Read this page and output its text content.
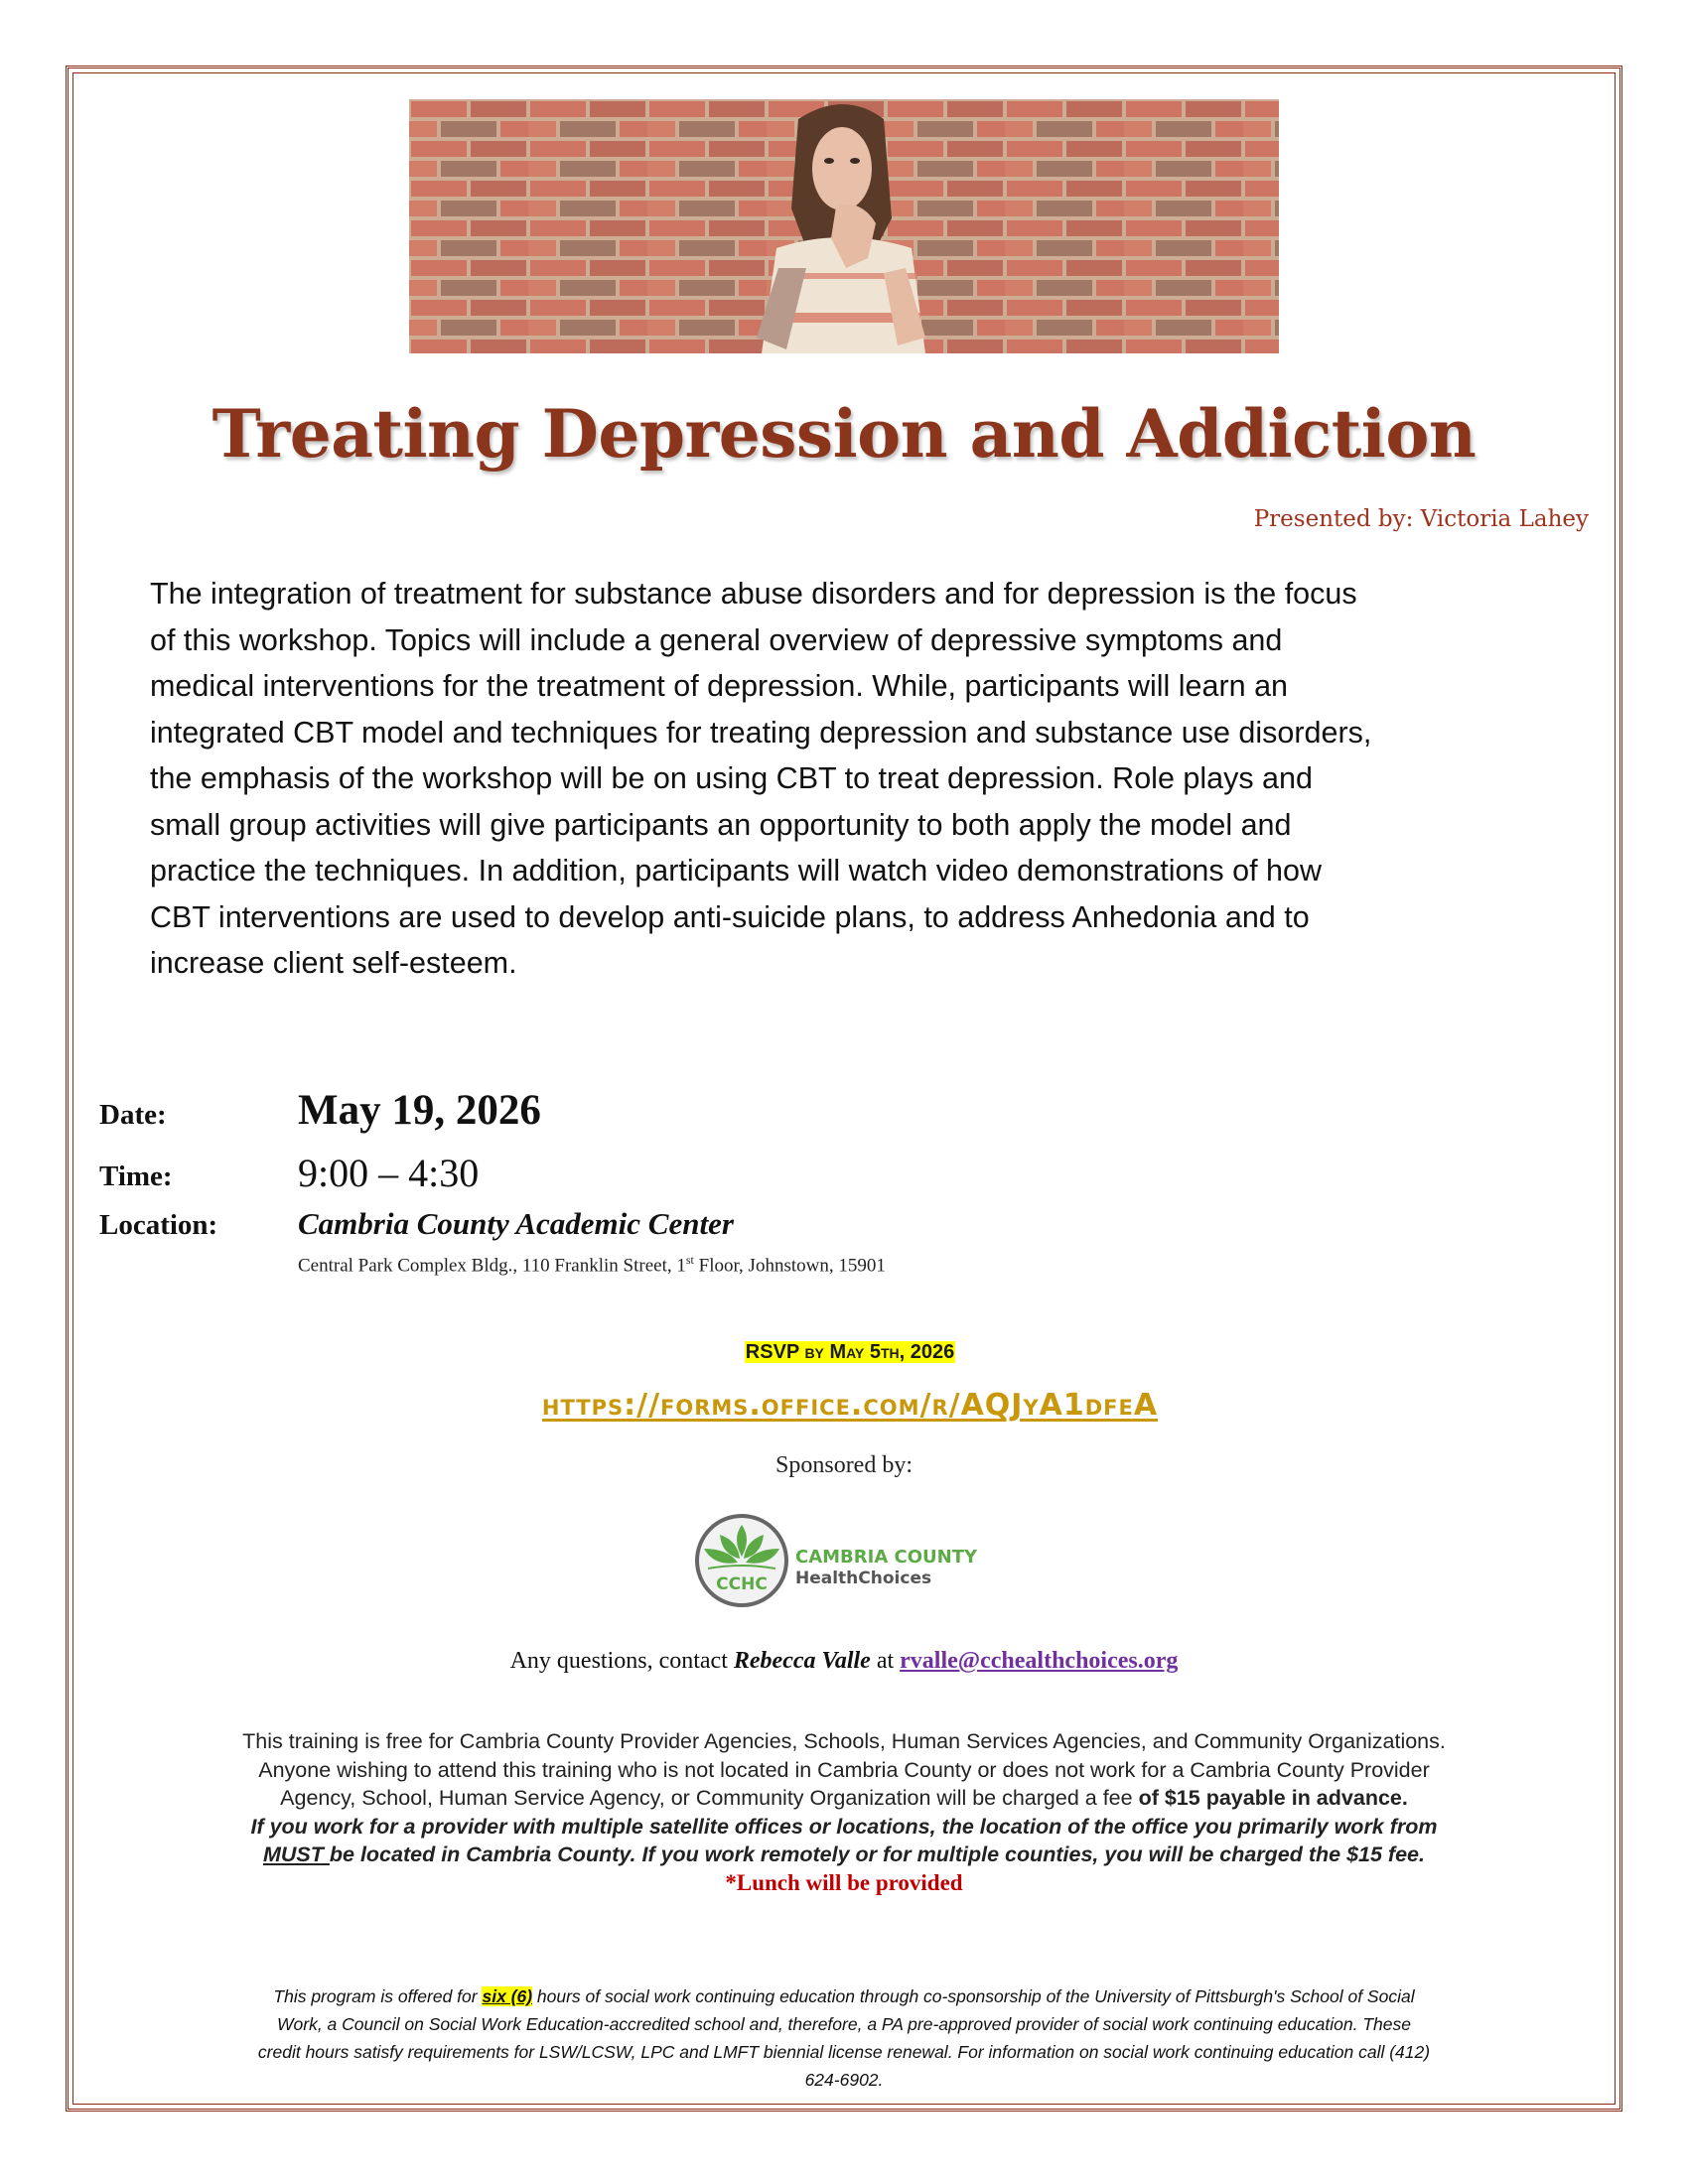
Treating Depression and Addiction
Presented by: Victoria Lahey
The integration of treatment for substance abuse disorders and for depression is the focus
of this workshop. Topics will include a general overview of depressive symptoms and
medical interventions for the treatment of depression. While, participants will learn an
integrated CBT model and techniques for treating depression and substance use disorders,
the emphasis of the workshop will be on using CBT to treat depression. Role plays and
small group activities will give participants an opportunity to both apply the model and
practice the techniques. In addition, participants will watch video demonstrations of how
CBT interventions are used to develop anti-suicide plans, to address Anhedonia and to
increase client self-esteem.
Date:	May 19, 2026
Time:	9:00 – 4:30
Location:	Cambria County Academic Center
Central Park Complex Bldg., 110 Franklin Street, 1st Floor, Johnstown, 15901
RSVP by May 5th, 2026
https://forms.office.com/r/AQJyA1dfeA
Sponsored by:
CCHC
CAMBRIA COUNTY
HealthChoices
Any questions, contact Rebecca Valle at rvalle@cchealthchoices.org
This training is free for Cambria County Provider Agencies, Schools, Human Services Agencies, and Community Organizations.
Anyone wishing to attend this training who is not located in Cambria County or does not work for a Cambria County Provider
Agency, School, Human Service Agency, or Community Organization will be charged a fee of $15 payable in advance.
If you work for a provider with multiple satellite offices or locations, the location of the office you primarily work from
MUST be located in Cambria County. If you work remotely or for multiple counties, you will be charged the $15 fee.
*Lunch will be provided
This program is offered for six (6) hours of social work continuing education through co-sponsorship of the University of Pittsburgh's School of Social
Work, a Council on Social Work Education-accredited school and, therefore, a PA pre-approved provider of social work continuing education. These
credit hours satisfy requirements for LSW/LCSW, LPC and LMFT biennial license renewal. For information on social work continuing education call (412)
624-6902.
